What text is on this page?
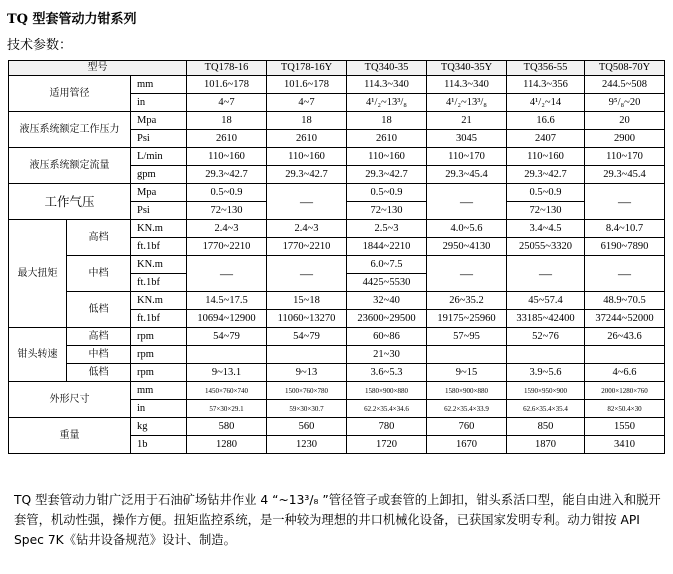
TQ 型套管动力钳系列
技术参数：
型号			TQ178-16	TQ178-16Y	TQ340-35	TQ340-35Y	TQ356-55	TQ508-70Y
适用管径		mm	101.6~178	101.6~178	114.3~340	114.3~340	114.3~356	244.5~508
		in	4~7	4~7	4¹/₂~13³/₈	4¹/₂~13³/₈	4¹/₂~14	9⁵/₈~20
液压系统额定工作压力		Mpa	18	18	18	21	16.6	20
		Psi	2610	2610	2610	3045	2407	2900
液压系统额定流量		L/min	110~160	110~160	110~160	110~170	110~160	110~170
		gpm	29.3~42.7	29.3~42.7	29.3~42.7	29.3~45.4	29.3~42.7	29.3~45.4
工作气压		Mpa	0.5~0.9	—	0.5~0.9	—	0.5~0.9	—
		Psi	72~130		72~130		72~130	
最大扭矩	高档	KN.m	2.4~3	2.4~3	2.5~3	4.0~5.6	3.4~4.5	8.4~10.7
		ft.1bf	1770~2210	1770~2210	1844~2210	2950~4130	25055~3320	6190~7890
	中档	KN.m	—	—	6.0~7.5	—	—	—
		ft.1bf			4425~5530			
	低档	KN.m	14.5~17.5	15~18	32~40	26~35.2	45~57.4	48.9~70.5
		ft.1bf	10694~12900	11060~13270	23600~29500	19175~25960	33185~42400	37244~52000
钳头转速	高档	rpm	54~79	54~79	60~86	57~95	52~76	26~43.6
	中档	rpm			21~30			
	低档	rpm	9~13.1	9~13	3.6~5.3	9~15	3.9~5.6	4~6.6
外形尺寸		mm	1450×760×740	1500×760×780	1580×900×880	1580×900×880	1590×950×900	2000×1280×760
		in	57×30×29.1	59×30×30.7	62.2×35.4×34.6	62.2×35.4×33.9	62.6×35.4×35.4	82×50.4×30
重量		kg	580	560	780	760	850	1550
		1b	1280	1230	1720	1670	1870	3410
TQ 型套管动力钳广泛用于石油矿场钻井作业 4 “~13³/₈ ”管径管子或套管的上卸扣，钳头系活口型，能自由进入和脱开套管，机动性强，操作方便。扭矩监控系统，是一种较为理想的井口机械化设备，已获国家发明专利。动力钳按 API Spec 7K《钻井设备规范》设计、制造。
